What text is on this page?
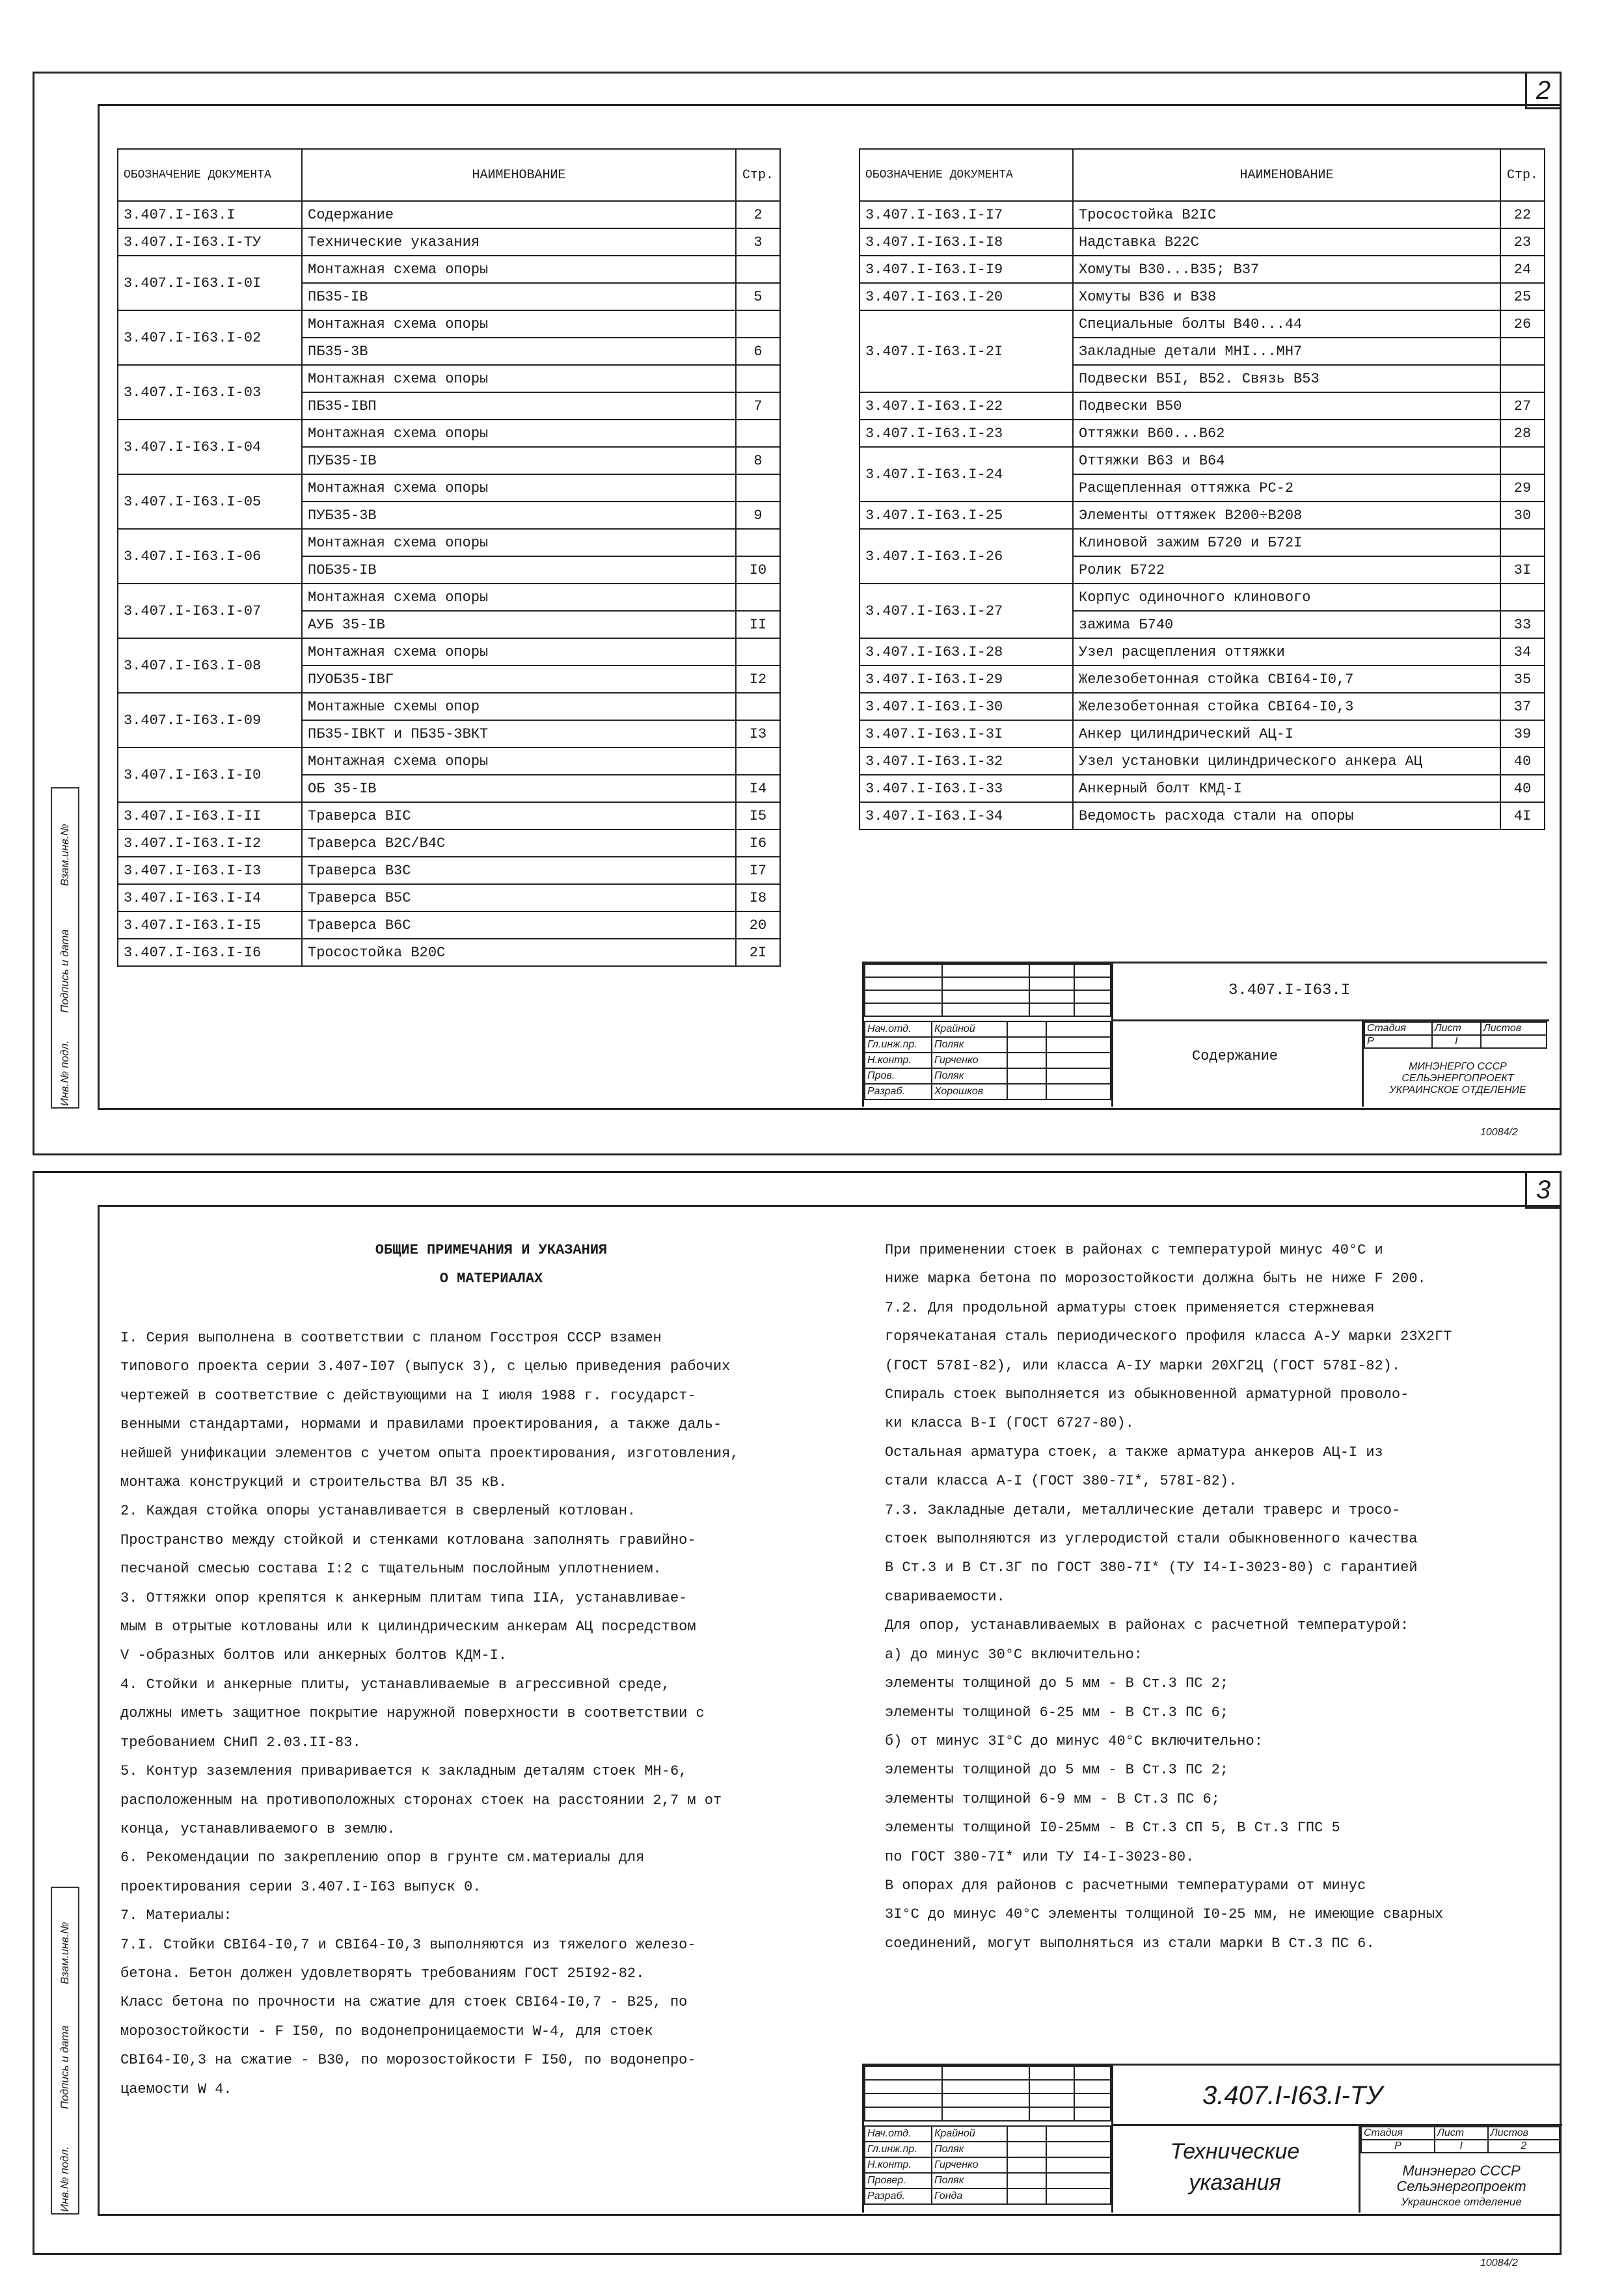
2
Инв.№ подл.
Подпись и дата
Взам.инв.№
ОБОЗНАЧЕНИЕ ДОКУМЕНТА	НАИМЕНОВАНИЕ	Стр.
3.407.I-I63.I	Содержание	2
3.407.I-I63.I-ТУ	Технические указания	3
3.407.I-I63.I-0I	Монтажная схема опоры	
	ПБ35-IВ	5
3.407.I-I63.I-02	Монтажная схема опоры	
	ПБ35-3В	6
3.407.I-I63.I-03	Монтажная схема опоры	
	ПБ35-IВП	7
3.407.I-I63.I-04	Монтажная схема опоры	
	ПУБ35-IВ	8
3.407.I-I63.I-05	Монтажная схема опоры	
	ПУБ35-3В	9
3.407.I-I63.I-06	Монтажная схема опоры	
	ПОБ35-IВ	I0
3.407.I-I63.I-07	Монтажная схема опоры	
	АУБ 35-IВ	II
3.407.I-I63.I-08	Монтажная схема опоры	
	ПУОБ35-IВГ	I2
3.407.I-I63.I-09	Монтажные схемы опор	
	ПБ35-IВКТ и ПБ35-3ВКТ	I3
3.407.I-I63.I-I0	Монтажная схема опоры	
	ОБ 35-IВ	I4
3.407.I-I63.I-II	Траверса ВIС	I5
3.407.I-I63.I-I2	Траверса В2С/В4С	I6
3.407.I-I63.I-I3	Траверса В3С	I7
3.407.I-I63.I-I4	Траверса В5С	I8
3.407.I-I63.I-I5	Траверса В6С	20
3.407.I-I63.I-I6	Тросостойка В20С	2I
ОБОЗНАЧЕНИЕ ДОКУМЕНТА	НАИМЕНОВАНИЕ	Стр.
3.407.I-I63.I-I7	Тросостойка В2IС	22
3.407.I-I63.I-I8	Надставка В22С	23
3.407.I-I63.I-I9	Хомуты В30...В35; В37	24
3.407.I-I63.I-20	Хомуты В36 и В38	25
3.407.I-I63.I-2I	Специальные болты В40...44	26
	Закладные детали МНI...МН7	
	Подвески В5I, В52. Связь В53	
3.407.I-I63.I-22	Подвески В50	27
3.407.I-I63.I-23	Оттяжки В60...В62	28
3.407.I-I63.I-24	Оттяжки В63 и В64	
	Расщепленная оттяжка РС-2	29
3.407.I-I63.I-25	Элементы оттяжек В200÷В208	30
3.407.I-I63.I-26	Клиновой зажим Б720 и Б72I	
	Ролик Б722	3I
3.407.I-I63.I-27	Корпус одиночного клинового	
	зажима Б740	33
3.407.I-I63.I-28	Узел расщепления оттяжки	34
3.407.I-I63.I-29	Железобетонная стойка СВI64-I0,7	35
3.407.I-I63.I-30	Железобетонная стойка СВI64-I0,3	37
3.407.I-I63.I-3I	Анкер цилиндрический АЦ-I	39
3.407.I-I63.I-32	Узел установки цилиндрического анкера АЦ	40
3.407.I-I63.I-33	Анкерный болт КМД-I	40
3.407.I-I63.I-34	Ведомость расхода стали на опоры	4I

Нач.отд.	Крайной		
Гл.инж.пр.	Поляк		
Н.контр.	Гирченко		
Пров.	Поляк		
Разраб.	Хорошков		
3.407.I-I63.I
Содержание
Стадия	Лист	Листов
Р	I	
МИНЭНЕРГО СССР
СЕЛЬЭНЕРГОПРОЕКТ
УКРАИНСКОЕ ОТДЕЛЕНИЕ
10084/2
3
Инв.№ подл.
Подпись и дата
Взам.инв.№

ОБЩИЕ ПРИМЕЧАНИЯ И УКАЗАНИЯ

О МАТЕРИАЛАХ

I. Серия выполнена в соответствии с планом Госстроя СССР взамен

типового проекта серии 3.407-I07 (выпуск 3), с целью приведения рабочих

чертежей в соответствие с действующими на I июля 1988 г. государст-

венными стандартами, нормами и правилами проектирования, а также даль-

нейшей унификации элементов с учетом опыта проектирования, изготовления,

монтажа конструкций и строительства ВЛ 35 кВ.

2. Каждая стойка опоры устанавливается в сверленый котлован.

Пространство между стойкой и стенками котлована заполнять гравийно-

песчаной смесью состава I:2 с тщательным послойным уплотнением.

3. Оттяжки опор крепятся к анкерным плитам типа IIA, устанавливае-

мым в отрытые котлованы или к цилиндрическим анкерам АЦ посредством

V -образных болтов или анкерных болтов КДМ-I.

4. Стойки и анкерные плиты, устанавливаемые в агрессивной среде,

должны иметь защитное покрытие наружной поверхности в соответствии с

требованием СНиП 2.03.II-83.

5. Контур заземления приваривается к закладным деталям стоек МН-6,

расположенным на противоположных сторонах стоек на расстоянии 2,7 м от

конца, устанавливаемого в землю.

6. Рекомендации по закреплению опор в грунте см.материалы для

проектирования серии 3.407.I-I63 выпуск 0.

7. Материалы:

7.I. Стойки СВI64-I0,7 и СВI64-I0,3 выполняются из тяжелого железо-

бетона. Бетон должен удовлетворять требованиям ГОСТ 25I92-82.

Класс бетона по прочности на сжатие для стоек СВI64-I0,7 - В25, по

морозостойкости - F I50, по водонепроницаемости W-4, для стоек

СВI64-I0,3 на сжатие - В30, по морозостойкости F I50, по водонепро-

цаемости W 4.

При применении стоек в районах с температурой минус 40°С и

ниже марка бетона по морозостойкости должна быть не ниже F 200.

7.2. Для продольной арматуры стоек применяется стержневая

горячекатаная сталь периодического профиля класса А-У марки 23Х2ГТ

(ГОСТ 578I-82), или класса А-IУ марки 20ХГ2Ц (ГОСТ 578I-82).

Спираль стоек выполняется из обыкновенной арматурной проволо-

ки класса В-I (ГОСТ 6727-80).

Остальная арматура стоек, а также арматура анкеров АЦ-I из

стали класса А-I (ГОСТ 380-7I*, 578I-82).

7.3. Закладные детали, металлические детали траверс и тросо-

стоек выполняются из углеродистой стали обыкновенного качества

В Ст.3 и В Ст.3Г по ГОСТ 380-7I* (ТУ I4-I-3023-80) с гарантией

свариваемости.

Для опор, устанавливаемых в районах с расчетной температурой:

а) до минус 30°С включительно:

элементы толщиной до 5 мм - В Ст.3 ПС 2;

элементы толщиной 6-25 мм - В Ст.3 ПС 6;

б) от минус 3I°С до минус 40°С включительно:

элементы толщиной до 5 мм - В Ст.3 ПС 2;

элементы толщиной 6-9 мм - В Ст.3 ПС 6;

элементы толщиной I0-25мм - В Ст.3 СП 5, В Ст.3 ГПС 5

по ГОСТ 380-7I* или ТУ I4-I-3023-80.

В опорах для районов с расчетными температурами от минус

3I°С до минус 40°С элементы толщиной I0-25 мм, не имеющие сварных

соединений, могут выполняться из стали марки В Ст.3 ПС 6.

Нач.отд.	Крайной		
Гл.инж.пр.	Поляк		
Н.контр.	Гирченко		
Провер.	Поляк		
Разраб.	Гонда		
3.407.I-I63.I-ТУ
Технические
указания
Стадия	Лист	Листов
Р	I	2
Минэнерго СССР
Сельэнергопроект
Украинское отделение
10084/2
